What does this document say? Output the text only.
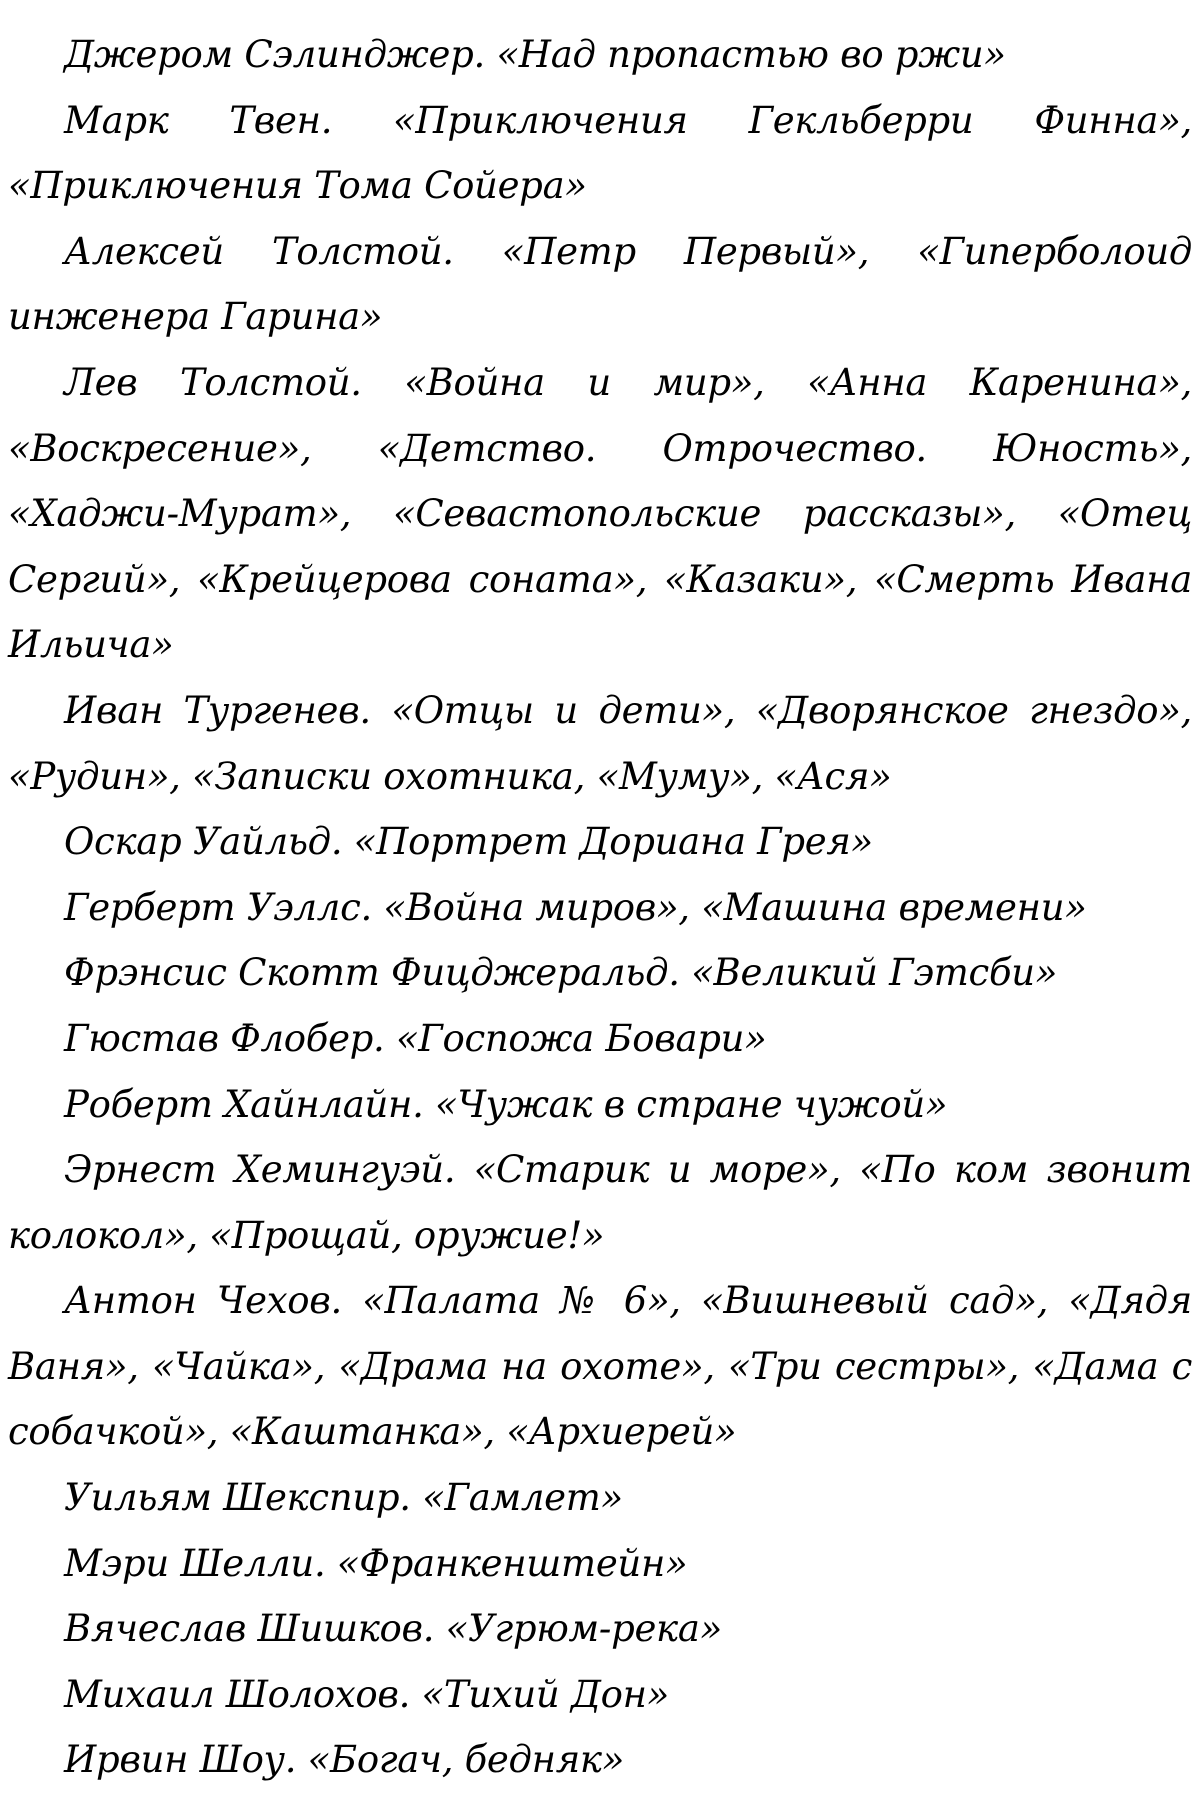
Джером Сэлинджер. «Над пропастью во ржи»

Марк Твен. «Приключения Гекльберри Финна», «Приключения Тома Сойера»

Алексей Толстой. «Петр Первый», «Гиперболоид инженера Гарина»

Лев Толстой. «Война и мир», «Анна Каренина», «Воскресение», «Детство. Отрочество. Юность», «Хаджи-Мурат», «Севастопольские рассказы», «Отец Сергий», «Крейцерова соната», «Казаки», «Смерть Ивана Ильича»

Иван Тургенев. «Отцы и дети», «Дворянское гнездо», «Рудин», «Записки охотника, «Муму», «Ася»

Оскар Уайльд. «Портрет Дориана Грея»

Герберт Уэллс. «Война миров», «Машина времени»

Фрэнсис Скотт Фицджеральд. «Великий Гэтсби»

Гюстав Флобер. «Госпожа Бовари»

Роберт Хайнлайн. «Чужак в стране чужой»

Эрнест Хемингуэй. «Старик и море», «По ком звонит колокол», «Прощай, оружие!»

Антон Чехов. «Палата № 6», «Вишневый сад», «Дядя Ваня», «Чайка», «Драма на охоте», «Три сестры», «Дама с собачкой», «Каштанка», «Архиерей»

Уильям Шекспир. «Гамлет»

Мэри Шелли. «Франкенштейн»

Вячеслав Шишков. «Угрюм-река»

Михаил Шолохов. «Тихий Дон»

Ирвин Шоу. «Богач, бедняк»
